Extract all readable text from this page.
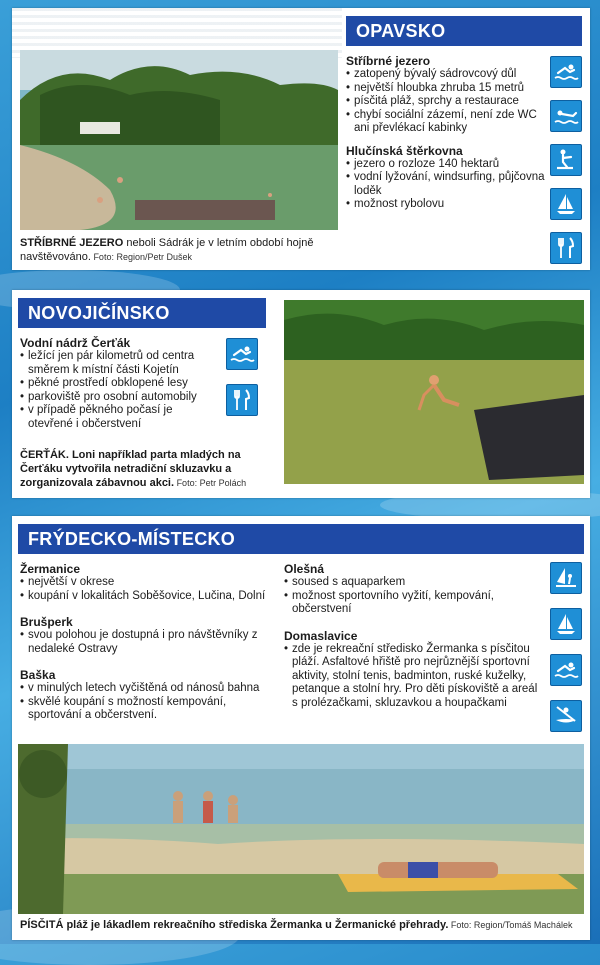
STŘÍBRNÉ JEZERO neboli Sádrák je v letním období hojně navštěvováno. Foto: Region/Petr Dušek
OPAVSKO

Stříbrné jezero

• zatopený bývalý sádrovcový důl
• největší hloubka zhruba 15 metrů
• písčitá pláž, sprchy a restaurace
• chybí sociální zázemí, není zde WC ani převlékací kabinky

Hlučínská štěrkovna

• jezero o rozloze 140 hektarů
• vodní lyžování, windsurfing, půjčovna loděk
• možnost rybolovu
NOVOJIČÍNSKO

Vodní nádrž Čerťák

• ležící jen pár kilometrů od centra směrem k místní části Kojetín
• pěkné prostředí obklopené lesy
• parkoviště pro osobní automobily
• v případě pěkného počasí je otevřené i občerstvení
ČERŤÁK. Loni například parta mladých na Čerťáku vytvořila netradiční skluzavku a zorganizovala zábavnou akci. Foto: Petr Polách
FRÝDECKO-MÍSTECKO

Žermanice

• největší v okrese
• koupání v lokalitách Soběšovice, Lučina, Dolní

Brušperk

• svou polohou je dostupná i pro návštěvníky z nedaleké Ostravy

Baška

• v minulých letech vyčištěná od nánosů bahna
• skvělé koupání s možností kempování, sportování a občerstvení.

Olešná

• soused s aquaparkem
• možnost sportovního vyžití, kempování, občerstvení

Domaslavice

• zde je rekreační středisko Žermanka s písčitou pláží. Asfaltové hřiště pro nejrůznější sportovní aktivity, stolní tenis, badminton, ruské kuželky, petanque a stolní hry. Pro děti pískoviště a areál s prolézačkami, skluzavkou a houpačkami
PÍSČITÁ pláž je lákadlem rekreačního střediska Žermanka u Žermanické přehrady. Foto: Region/Tomáš Machálek
